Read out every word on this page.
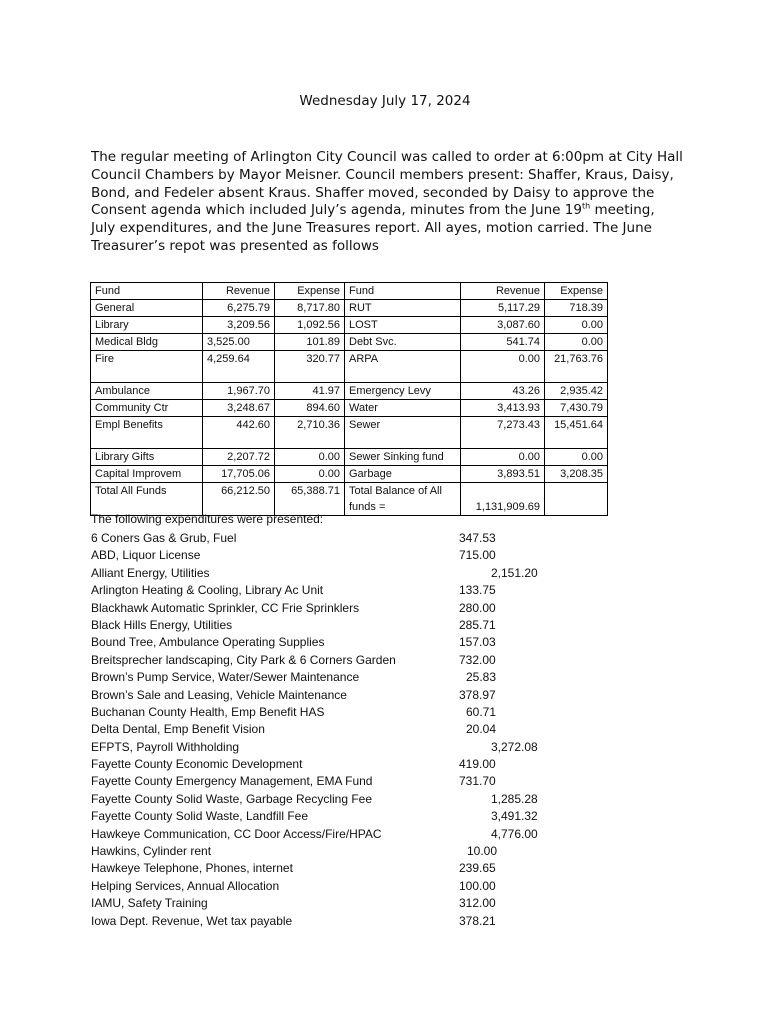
Wednesday July 17, 2024
The regular meeting of Arlington City Council was called to order at 6:00pm at City Hall Council Chambers by Mayor Meisner. Council members present: Shaffer, Kraus, Daisy, Bond, and Fedeler absent Kraus. Shaffer moved, seconded by Daisy to approve the Consent agenda which included July’s agenda, minutes from the June 19th meeting, July expenditures, and the June Treasures report. All ayes, motion carried. The June Treasurer’s repot was presented as follows
Fund	Revenue	Expense	Fund	Revenue	Expense
General	6,275.79	8,717.80	RUT	5,117.29	718.39
Library	3,209.56	1,092.56	LOST	3,087.60	0.00
Medical Bldg	3,525.00	101.89	Debt Svc.	541.74	0.00
Fire	4,259.64	320.77	ARPA	0.00	21,763.76
Ambulance	1,967.70	41.97	Emergency Levy	43.26	2,935.42
Community Ctr	3,248.67	894.60	Water	3,413.93	7,430.79
Empl Benefits	442.60	2,710.36	Sewer	7,273.43	15,451.64
Library Gifts	2,207.72	0.00	Sewer Sinking fund	0.00	0.00
Capital Improvem	17,705.06	0.00	Garbage	3,893.51	3,208.35
Total All Funds	66,212.50	65,388.71	Total Balance of All funds =	1,131,909.69	
The following expenditures were presented:
6 Coners Gas & Grub, Fuel	347.53
ABD, Liquor License	715.00
Alliant Energy, Utilities	2,151.20
Arlington Heating & Cooling, Library Ac Unit	133.75
Blackhawk Automatic Sprinkler, CC Frie Sprinklers	280.00
Black Hills Energy, Utilities	285.71
Bound Tree, Ambulance Operating Supplies	157.03
Breitsprecher landscaping, City Park & 6 Corners Garden	732.00
Brown’s Pump Service, Water/Sewer Maintenance	25.83
Brown’s Sale and Leasing, Vehicle Maintenance	378.97
Buchanan County Health, Emp Benefit HAS	60.71
Delta Dental, Emp Benefit Vision	20.04
EFPTS, Payroll Withholding	3,272.08
Fayette County Economic Development	419.00
Fayette County Emergency Management, EMA Fund	731.70
Fayette County Solid Waste, Garbage Recycling Fee	1,285.28
Fayette County Solid Waste, Landfill Fee	3,491.32
Hawkeye Communication, CC Door Access/Fire/HPAC	4,776.00
Hawkins, Cylinder rent	10.00
Hawkeye Telephone, Phones, internet	239.65
Helping Services, Annual Allocation	100.00
IAMU, Safety Training	312.00
Iowa Dept. Revenue, Wet tax payable	378.21
